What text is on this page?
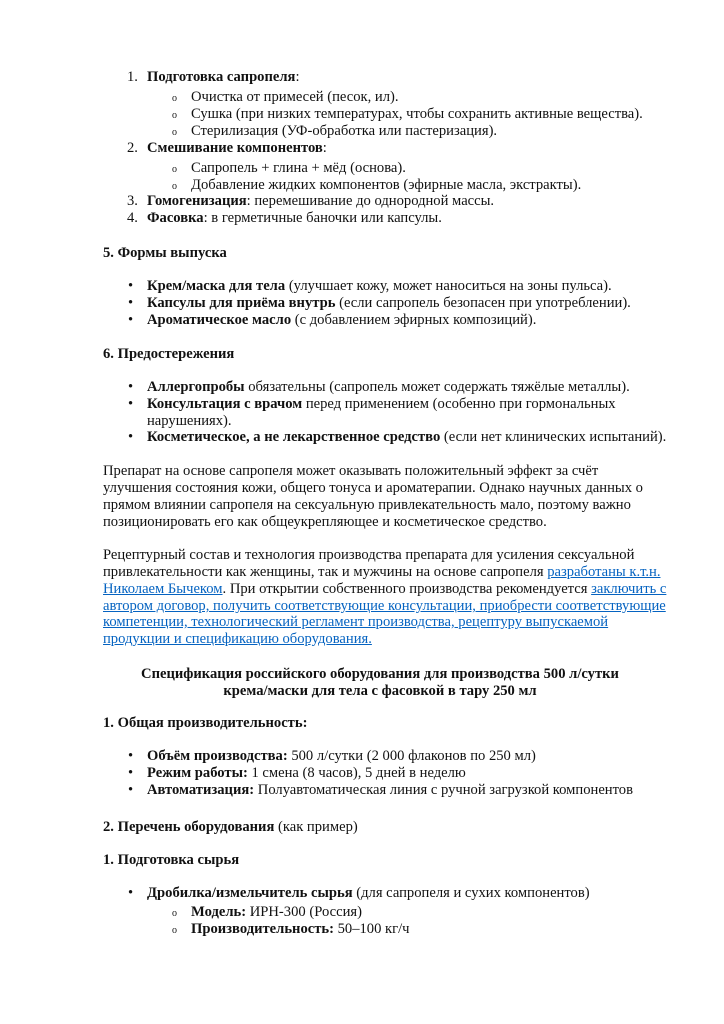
1. Подготовка сапропеля:
o Очистка от примесей (песок, ил).
o Сушка (при низких температурах, чтобы сохранить активные вещества).
o Стерилизация (УФ-обработка или пастеризация).
2. Смешивание компонентов:
o Сапропель + глина + мёд (основа).
o Добавление жидких компонентов (эфирные масла, экстракты).
3. Гомогенизация: перемешивание до однородной массы.
4. Фасовка: в герметичные баночки или капсулы.
5. Формы выпуска
• Крем/маска для тела (улучшает кожу, может наноситься на зоны пульса).
• Капсулы для приёма внутрь (если сапропель безопасен при употреблении).
• Ароматическое масло (с добавлением эфирных композиций).
6. Предостережения
• Аллергопробы обязательны (сапропель может содержать тяжёлые металлы).
• Консультация с врачом перед применением (особенно при гормональных
нарушениях).
• Косметическое, а не лекарственное средство (если нет клинических испытаний).
Препарат на основе сапропеля может оказывать положительный эффект за счёт
улучшения состояния кожи, общего тонуса и ароматерапии. Однако научных данных о
прямом влиянии сапропеля на сексуальную привлекательность мало, поэтому важно
позиционировать его как общеукрепляющее и косметическое средство.
Рецептурный состав и технология производства препарата для усиления сексуальной
привлекательности как женщины, так и мужчины на основе сапропеля разработаны к.т.н.
Николаем Бычеком. При открытии собственного производства рекомендуется заключить с
автором договор, получить соответствующие консультации, приобрести соответствующие
компетенции, технологический регламент производства, рецептуру выпускаемой
продукции и спецификацию оборудования.
Спецификация российского оборудования для производства 500 л/сутки
крема/маски для тела с фасовкой в тару 250 мл
1. Общая производительность:
• Объём производства: 500 л/сутки (2 000 флаконов по 250 мл)
• Режим работы: 1 смена (8 часов), 5 дней в неделю
• Автоматизация: Полуавтоматическая линия с ручной загрузкой компонентов
2. Перечень оборудования (как пример)
1. Подготовка сырья
• Дробилка/измельчитель сырья (для сапропеля и сухих компонентов)
o Модель: ИРН-300 (Россия)
o Производительность: 50–100 кг/ч
